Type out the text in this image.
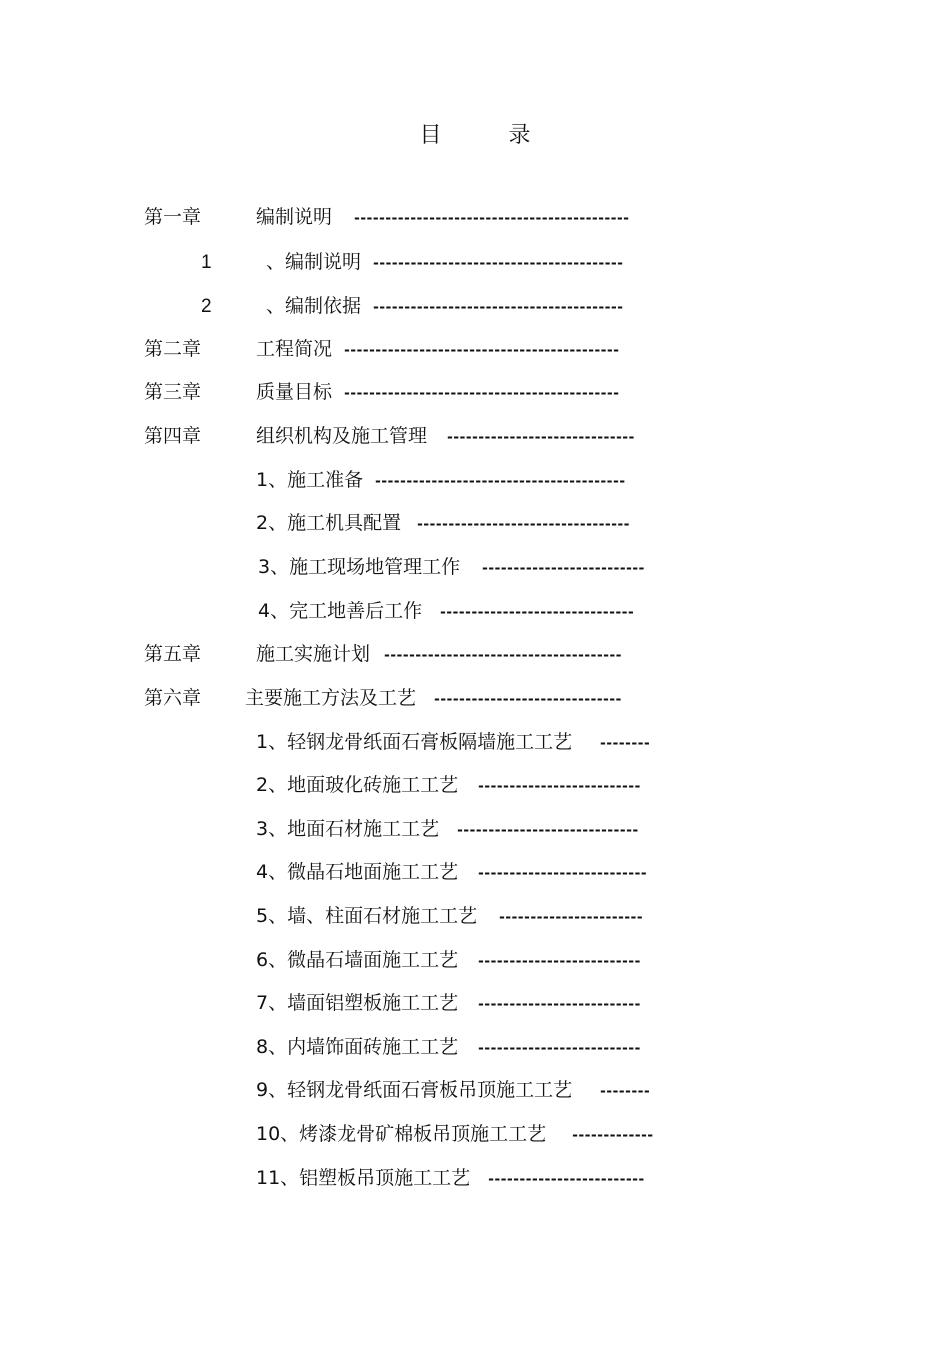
目 录
第一章	编制说明 --------------------------------------------
1	、编制说明 ----------------------------------------
2	、编制依据 ----------------------------------------
第二章	工程简况 --------------------------------------------
第三章	质量目标 --------------------------------------------
第四章	组织机构及施工管理 ------------------------------
1、施工准备 ----------------------------------------
2、施工机具配置 ----------------------------------
3、施工现场地管理工作 --------------------------
4、完工地善后工作 -------------------------------
第五章	施工实施计划 --------------------------------------
第六章 主要施工方法及工艺 ------------------------------
1、轻钢龙骨纸面石膏板隔墙施工工艺 --------
2、地面玻化砖施工工艺 --------------------------
3、地面石材施工工艺 -----------------------------
4、微晶石地面施工工艺 ---------------------------
5、墙、柱面石材施工工艺 -----------------------
6、微晶石墙面施工工艺 --------------------------
7、墙面铝塑板施工工艺 --------------------------
8、内墙饰面砖施工工艺 --------------------------
9、轻钢龙骨纸面石膏板吊顶施工工艺 --------
10、烤漆龙骨矿棉板吊顶施工工艺 -------------
11、铝塑板吊顶施工工艺 -------------------------
